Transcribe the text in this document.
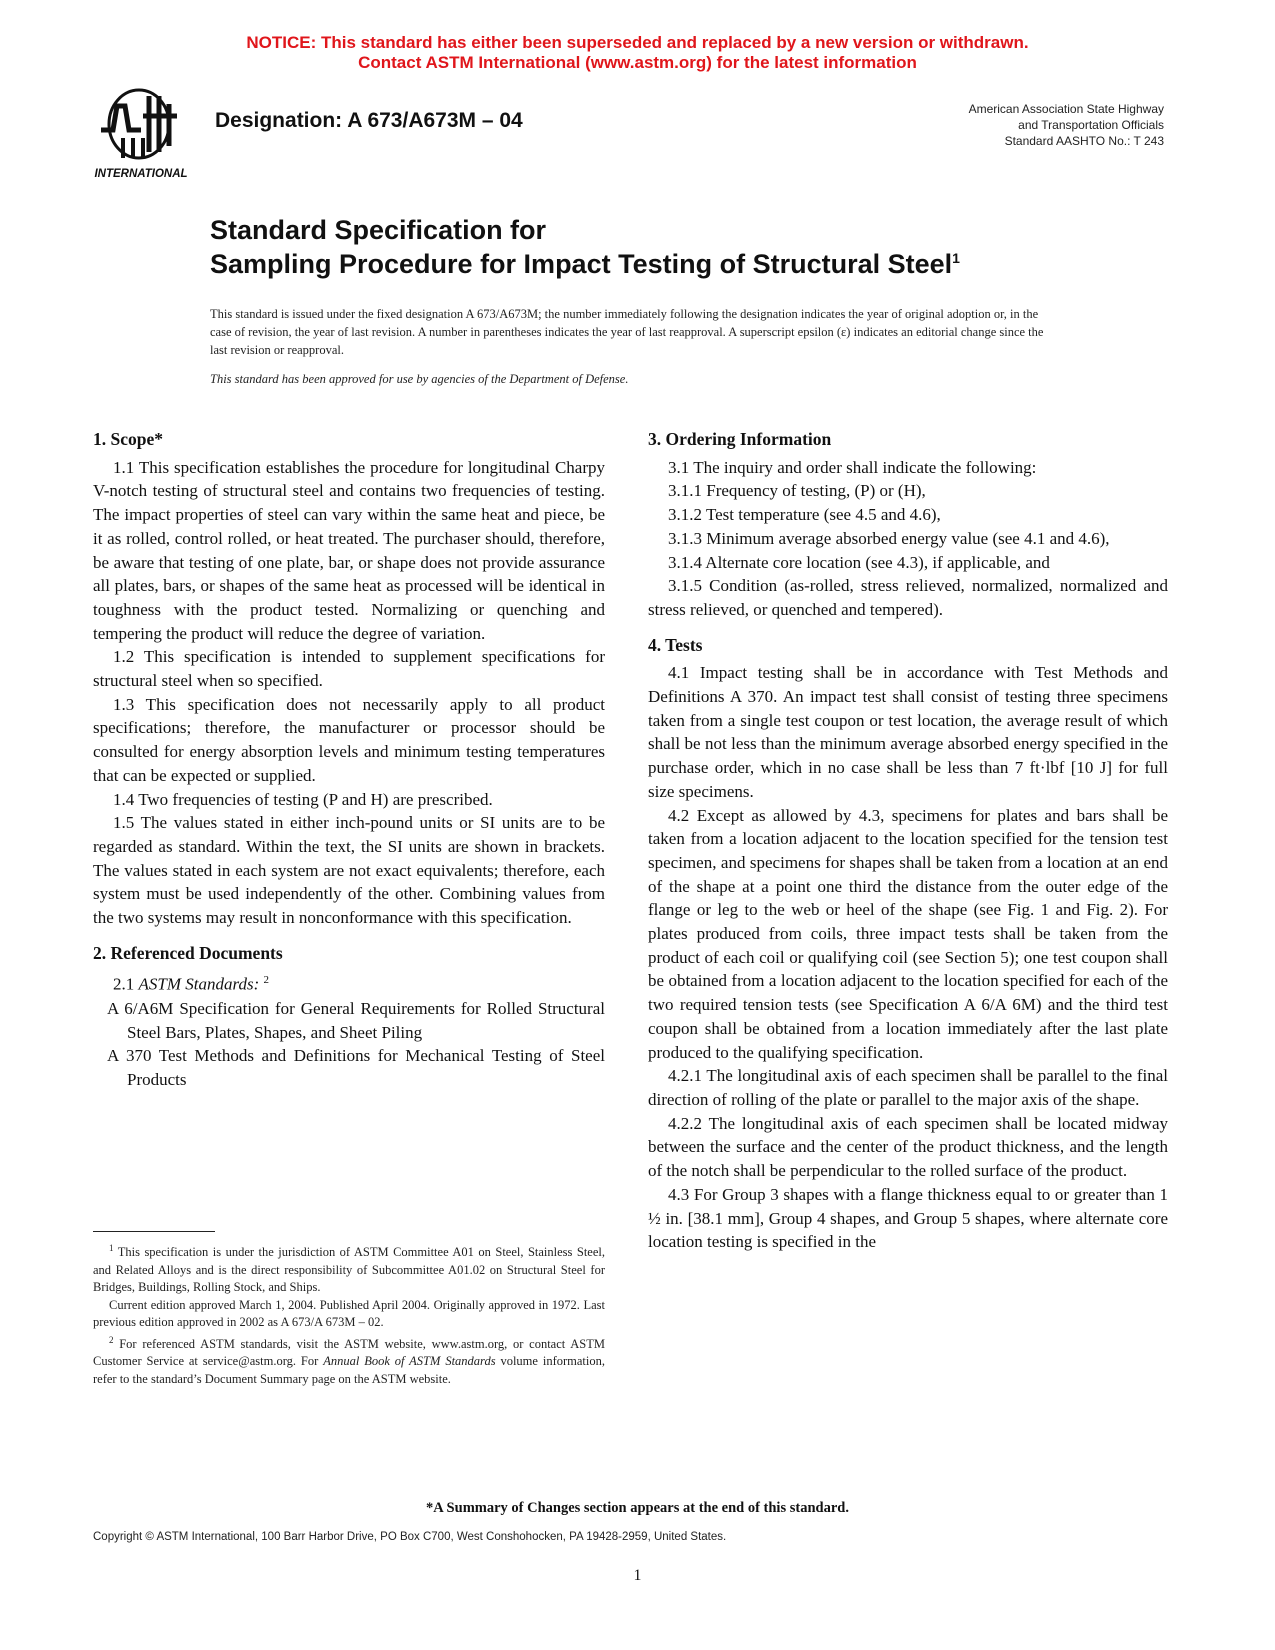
NOTICE: This standard has either been superseded and replaced by a new version or withdrawn.
Contact ASTM International (www.astm.org) for the latest information
INTERNATIONAL
Designation: A 673/A673M – 04	American Association State Highway
and Transportation Officials
Standard AASHTO No.: T 243
Standard Specification for
Sampling Procedure for Impact Testing of Structural Steel$^1$
This standard is issued under the fixed designation A 673/A673M; the number immediately following the designation indicates the year of original adoption or, in the case of revision, the year of last revision. A number in parentheses indicates the year of last reapproval. A superscript epsilon (ε) indicates an editorial change since the last revision or reapproval.
This standard has been approved for use by agencies of the Department of Defense.
1. Scope*

1.1 This specification establishes the procedure for longitudinal Charpy V-notch testing of structural steel and contains two frequencies of testing. The impact properties of steel can vary within the same heat and piece, be it as rolled, control rolled, or heat treated. The purchaser should, therefore, be aware that testing of one plate, bar, or shape does not provide assurance all plates, bars, or shapes of the same heat as processed will be identical in toughness with the product tested. Normalizing or quenching and tempering the product will reduce the degree of variation.

1.2 This specification is intended to supplement specifications for structural steel when so specified.

1.3 This specification does not necessarily apply to all product specifications; therefore, the manufacturer or processor should be consulted for energy absorption levels and minimum testing temperatures that can be expected or supplied.

1.4 Two frequencies of testing (P and H) are prescribed.

1.5 The values stated in either inch-pound units or SI units are to be regarded as standard. Within the text, the SI units are shown in brackets. The values stated in each system are not exact equivalents; therefore, each system must be used independently of the other. Combining values from the two systems may result in nonconformance with this specification.

2. Referenced Documents

2.1 ASTM Standards: $^2$

A 6/A6M Specification for General Requirements for Rolled Structural Steel Bars, Plates, Shapes, and Sheet Piling

A 370 Test Methods and Definitions for Mechanical Testing of Steel Products

3. Ordering Information

3.1 The inquiry and order shall indicate the following:

3.1.1 Frequency of testing, (P) or (H),

3.1.2 Test temperature (see 4.5 and 4.6),

3.1.3 Minimum average absorbed energy value (see 4.1 and 4.6),

3.1.4 Alternate core location (see 4.3), if applicable, and

3.1.5 Condition (as-rolled, stress relieved, normalized, normalized and stress relieved, or quenched and tempered).

4. Tests

4.1 Impact testing shall be in accordance with Test Methods and Definitions A 370. An impact test shall consist of testing three specimens taken from a single test coupon or test location, the average result of which shall be not less than the minimum average absorbed energy specified in the purchase order, which in no case shall be less than 7 ft·lbf [10 J] for full size specimens.

4.2 Except as allowed by 4.3, specimens for plates and bars shall be taken from a location adjacent to the location specified for the tension test specimen, and specimens for shapes shall be taken from a location at an end of the shape at a point one third the distance from the outer edge of the flange or leg to the web or heel of the shape (see Fig. 1 and Fig. 2). For plates produced from coils, three impact tests shall be taken from the product of each coil or qualifying coil (see Section 5); one test coupon shall be obtained from a location adjacent to the location specified for each of the two required tension tests (see Specification A 6/A 6M) and the third test coupon shall be obtained from a location immediately after the last plate produced to the qualifying specification.

4.2.1 The longitudinal axis of each specimen shall be parallel to the final direction of rolling of the plate or parallel to the major axis of the shape.

4.2.2 The longitudinal axis of each specimen shall be located midway between the surface and the center of the product thickness, and the length of the notch shall be perpendicular to the rolled surface of the product.

4.3 For Group 3 shapes with a flange thickness equal to or greater than 1 ½ in. [38.1 mm], Group 4 shapes, and Group 5 shapes, where alternate core location testing is specified in the

$^1$ This specification is under the jurisdiction of ASTM Committee A01 on Steel, Stainless Steel, and Related Alloys and is the direct responsibility of Subcommittee A01.02 on Structural Steel for Bridges, Buildings, Rolling Stock, and Ships.

Current edition approved March 1, 2004. Published April 2004. Originally approved in 1972. Last previous edition approved in 2002 as A 673/A 673M – 02.

$^2$ For referenced ASTM standards, visit the ASTM website, www.astm.org, or contact ASTM Customer Service at service@astm.org. For Annual Book of ASTM Standards volume information, refer to the standard’s Document Summary page on the ASTM website.

*A Summary of Changes section appears at the end of this standard.
Copyright © ASTM International, 100 Barr Harbor Drive, PO Box C700, West Conshohocken, PA 19428-2959, United States.
1
